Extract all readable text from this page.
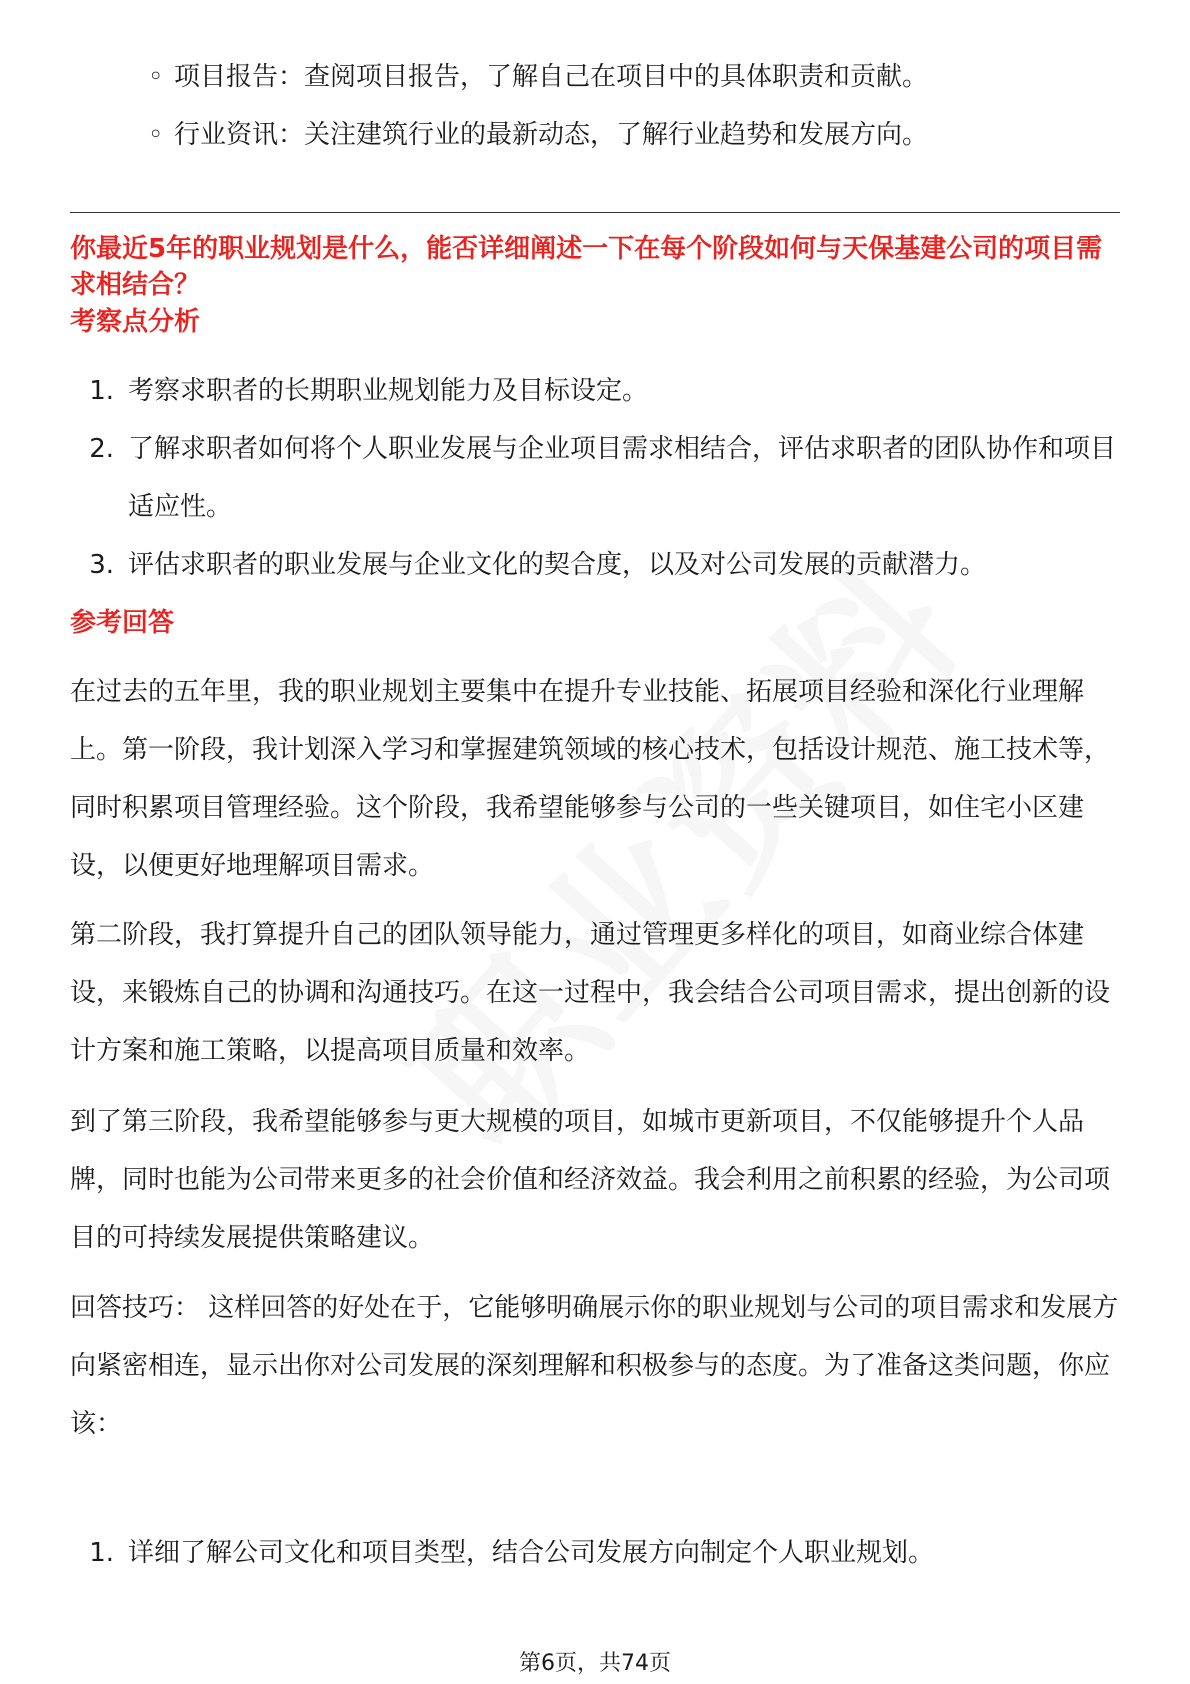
◦ 项目报告：查阅项目报告，了解自己在项目中的具体职责和贡献。
◦ 行业资讯：关注建筑行业的最新动态，了解行业趋势和发展方向。
你最近5年的职业规划是什么，能否详细阐述一下在每个阶段如何与天保基建公司的项目需求相结合？
考察点分析
1. 考察求职者的长期职业规划能力及目标设定。
2. 了解求职者如何将个人职业发展与企业项目需求相结合，评估求职者的团队协作和项目适应性。
3. 评估求职者的职业发展与企业文化的契合度，以及对公司发展的贡献潜力。
参考回答

在过去的五年里，我的职业规划主要集中在提升专业技能、拓展项目经验和深化行业理解上。第一阶段，我计划深入学习和掌握建筑领域的核心技术，包括设计规范、施工技术等，同时积累项目管理经验。这个阶段，我希望能够参与公司的一些关键项目，如住宅小区建设，以便更好地理解项目需求。

第二阶段，我打算提升自己的团队领导能力，通过管理更多样化的项目，如商业综合体建设，来锻炼自己的协调和沟通技巧。在这一过程中，我会结合公司项目需求，提出创新的设计方案和施工策略，以提高项目质量和效率。

到了第三阶段，我希望能够参与更大规模的项目，如城市更新项目，不仅能够提升个人品牌，同时也能为公司带来更多的社会价值和经济效益。我会利用之前积累的经验，为公司项目的可持续发展提供策略建议。

回答技巧： 这样回答的好处在于，它能够明确展示你的职业规划与公司的项目需求和发展方向紧密相连，显示出你对公司发展的深刻理解和积极参与的态度。为了准备这类问题，你应该：

1. 详细了解公司文化和项目类型，结合公司发展方向制定个人职业规划。
第6页，共74页
